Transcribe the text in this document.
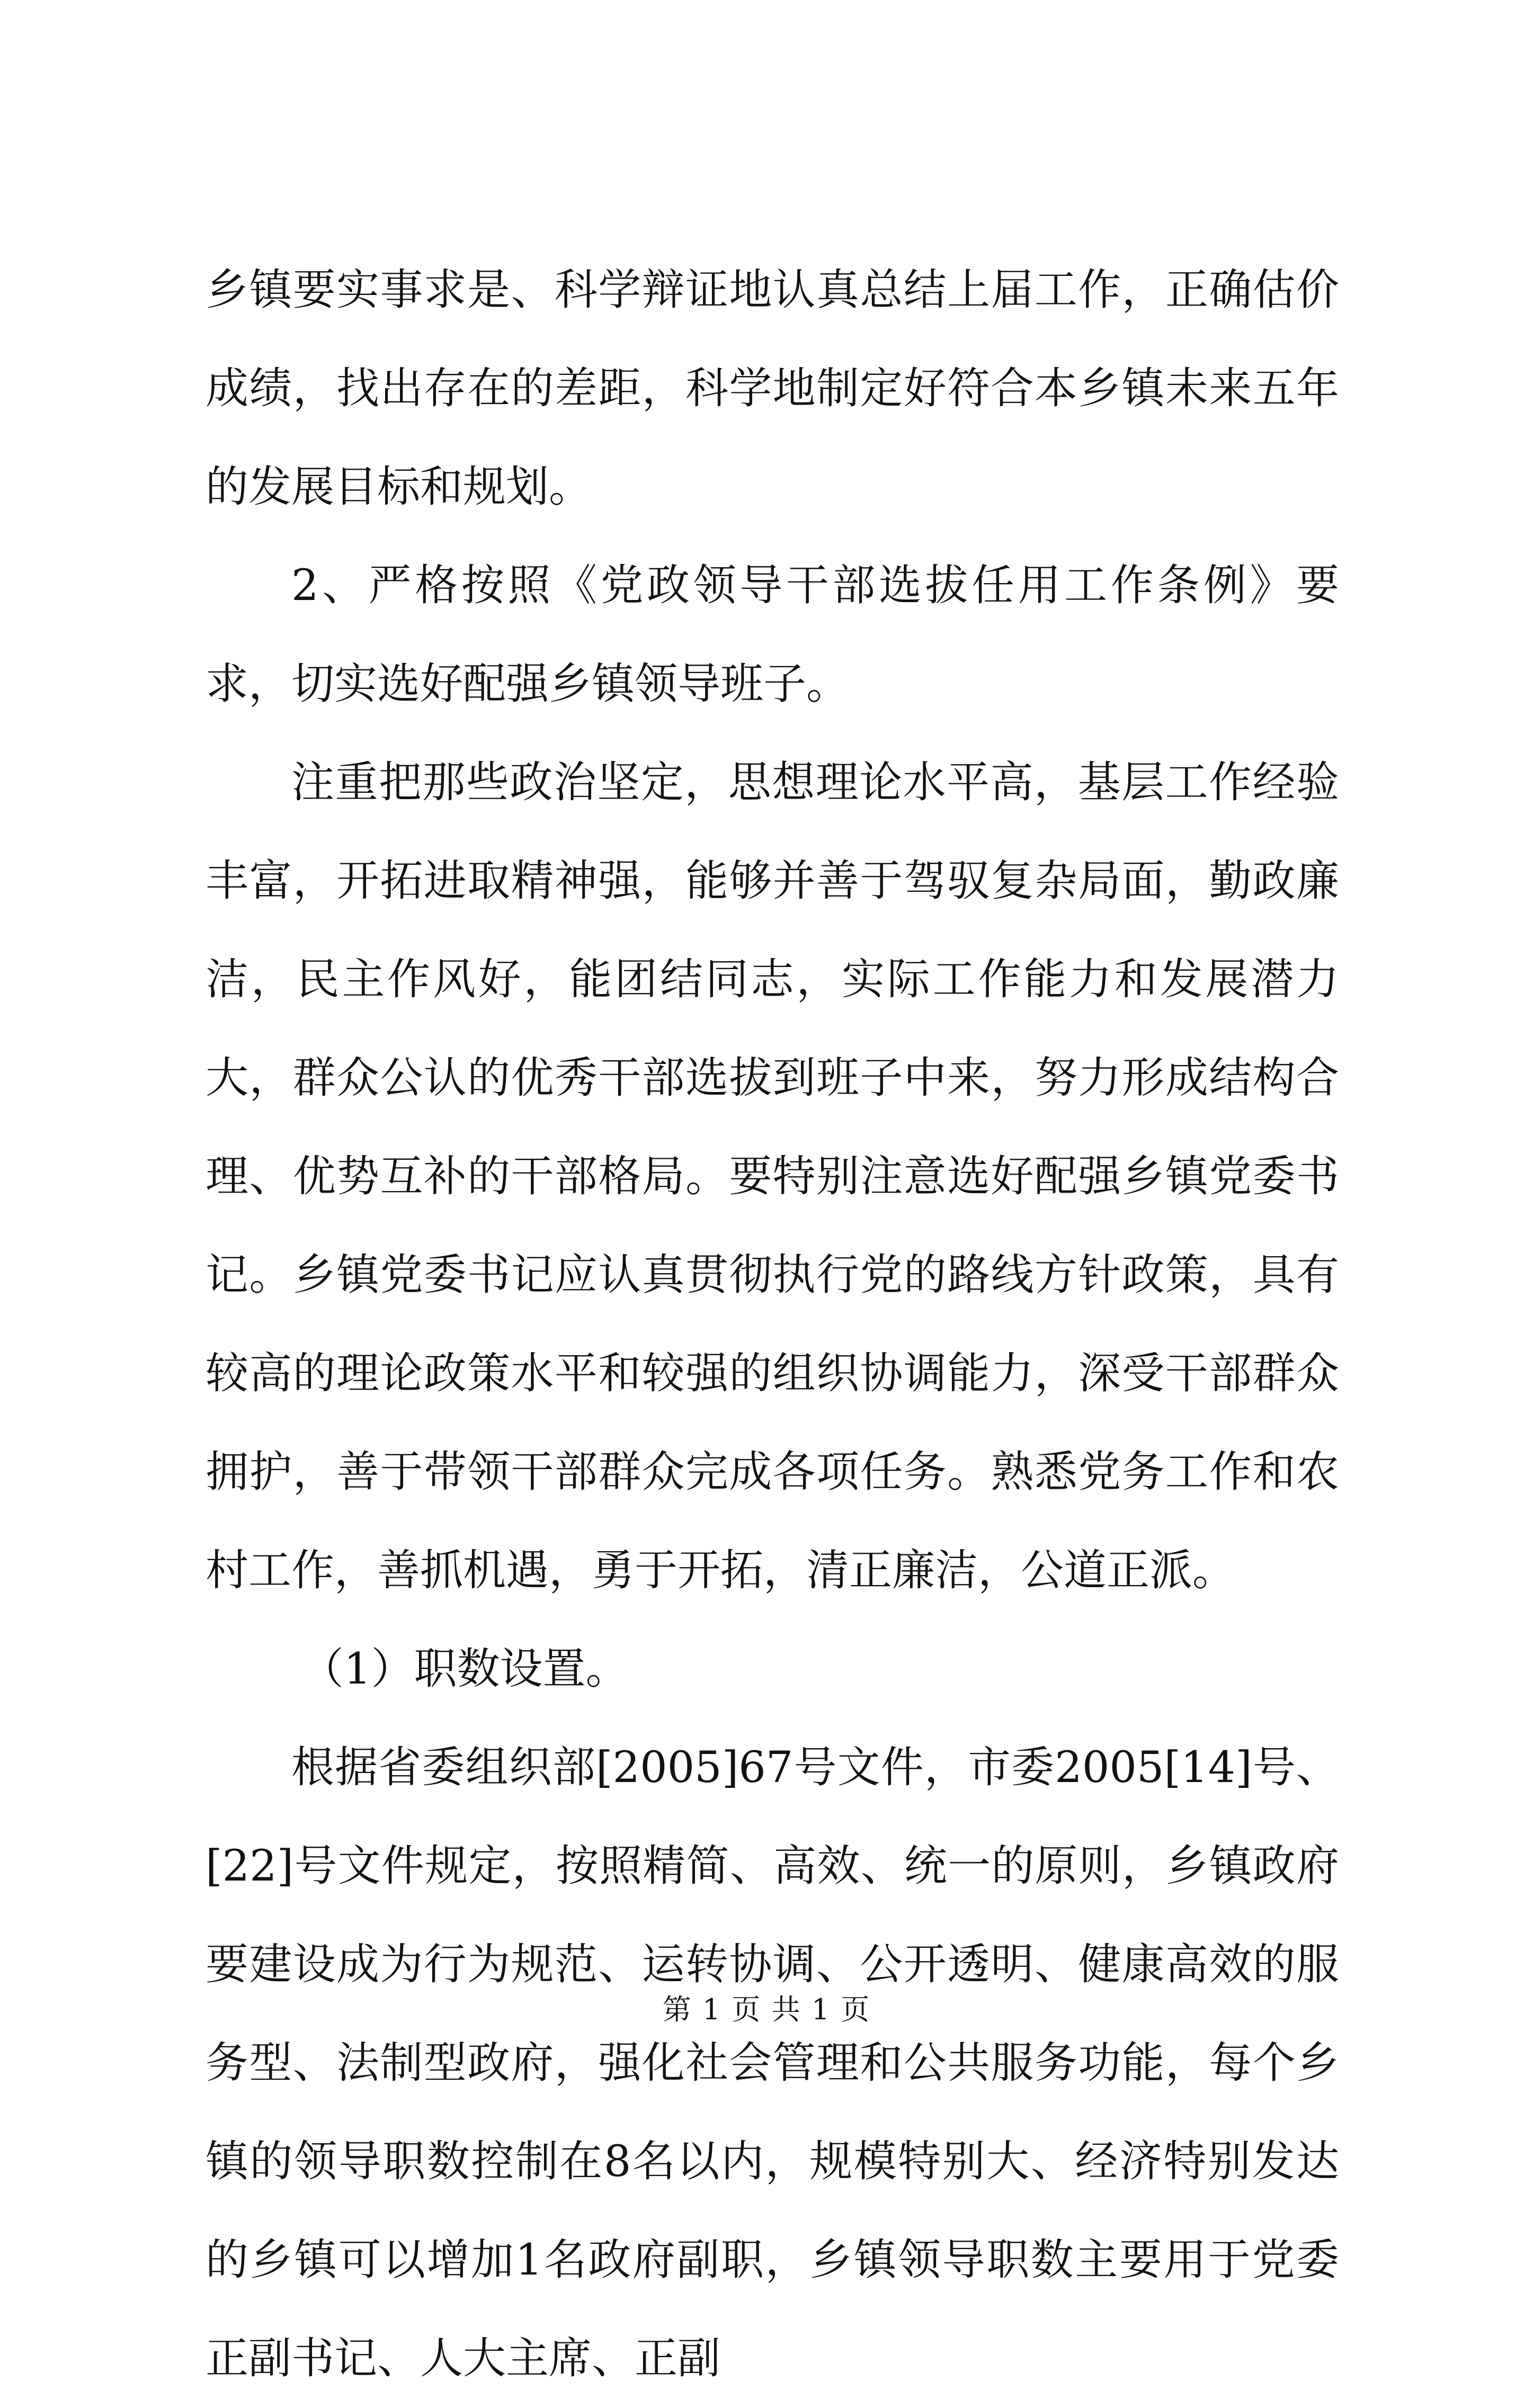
乡镇要实事求是、科学辩证地认真总结上届工作，正确估价成绩，找出存在的差距，科学地制定好符合本乡镇未来五年的发展目标和规划。

2、严格按照《党政领导干部选拔任用工作条例》要求，切实选好配强乡镇领导班子。

注重把那些政治坚定，思想理论水平高，基层工作经验丰富，开拓进取精神强，能够并善于驾驭复杂局面，勤政廉洁，民主作风好，能团结同志，实际工作能力和发展潜力大，群众公认的优秀干部选拔到班子中来，努力形成结构合理、优势互补的干部格局。要特别注意选好配强乡镇党委书记。乡镇党委书记应认真贯彻执行党的路线方针政策，具有较高的理论政策水平和较强的组织协调能力，深受干部群众拥护，善于带领干部群众完成各项任务。熟悉党务工作和农村工作，善抓机遇，勇于开拓，清正廉洁，公道正派。

（1）职数设置。

根据省委组织部[2005]67号文件，市委2005[14]号、[22]号文件规定，按照精简、高效、统一的原则，乡镇政府要建设成为行为规范、运转协调、公开透明、健康高效的服务型、法制型政府，强化社会管理和公共服务功能，每个乡镇的领导职数控制在8名以内，规模特别大、经济特别发达的乡镇可以增加1名政府副职，乡镇领导职数主要用于党委正副书记、人大主席、正副

第 1 页 共 1 页
